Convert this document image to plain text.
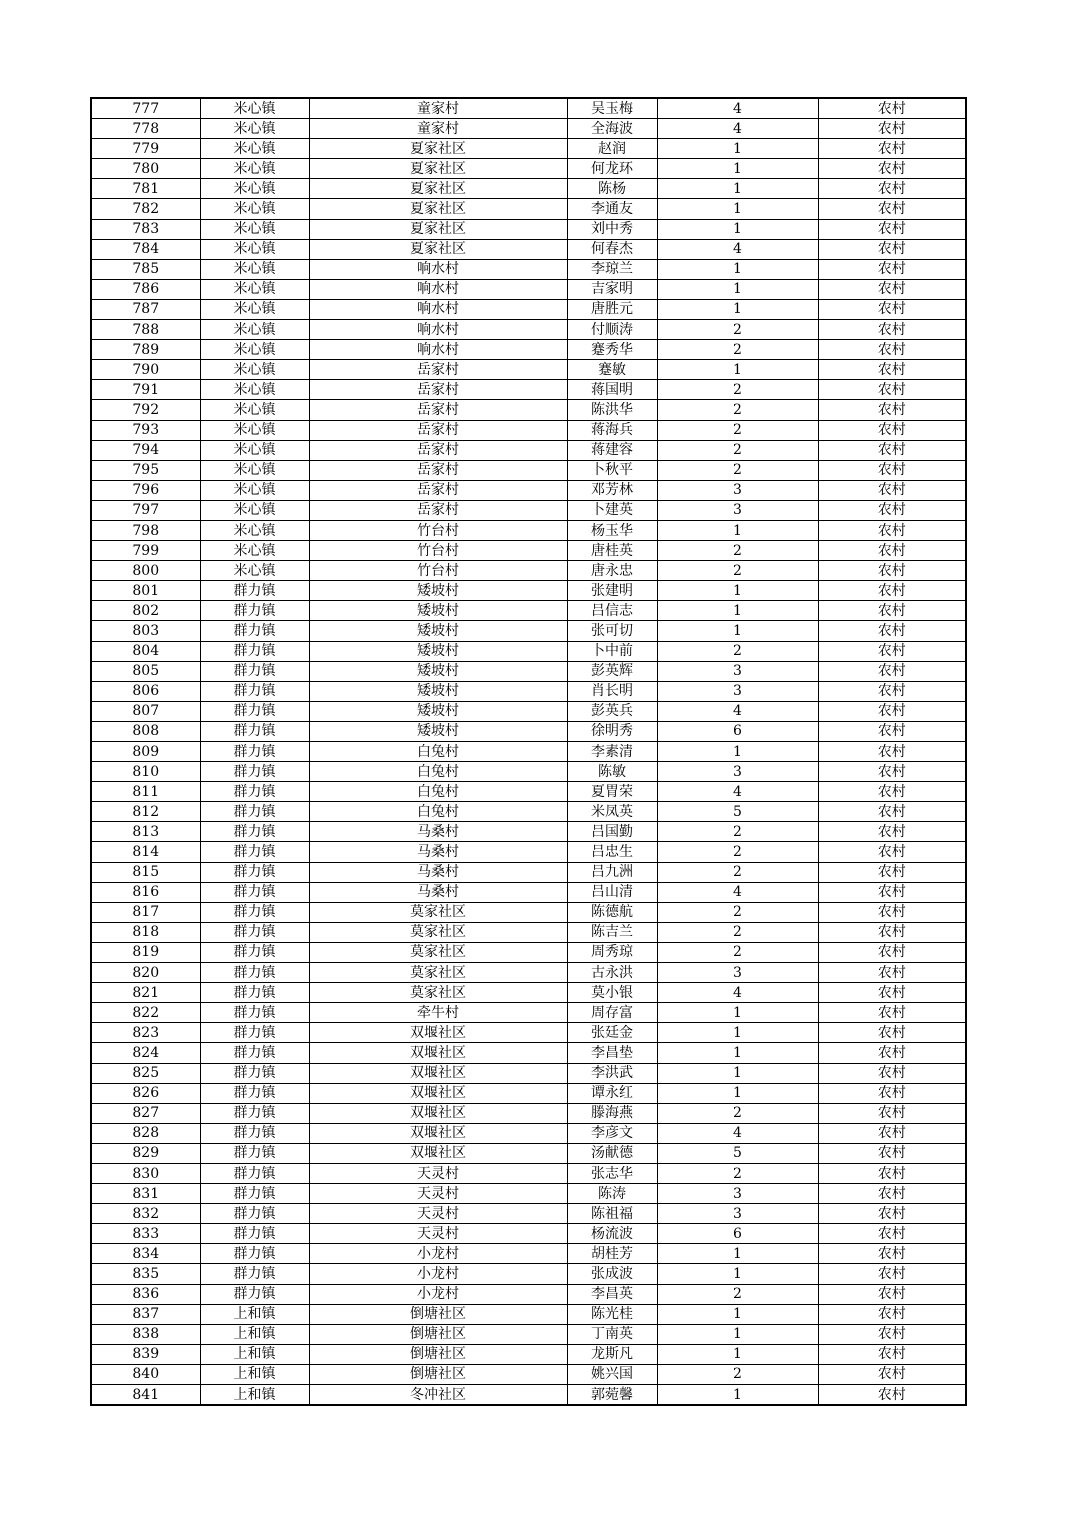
777	米心镇	童家村	吴玉梅	4	农村
778	米心镇	童家村	全海波	4	农村
779	米心镇	夏家社区	赵润	1	农村
780	米心镇	夏家社区	何龙环	1	农村
781	米心镇	夏家社区	陈杨	1	农村
782	米心镇	夏家社区	李通友	1	农村
783	米心镇	夏家社区	刘中秀	1	农村
784	米心镇	夏家社区	何春杰	4	农村
785	米心镇	响水村	李琼兰	1	农村
786	米心镇	响水村	吉家明	1	农村
787	米心镇	响水村	唐胜元	1	农村
788	米心镇	响水村	付顺涛	2	农村
789	米心镇	响水村	蹇秀华	2	农村
790	米心镇	岳家村	蹇敏	1	农村
791	米心镇	岳家村	蒋国明	2	农村
792	米心镇	岳家村	陈洪华	2	农村
793	米心镇	岳家村	蒋海兵	2	农村
794	米心镇	岳家村	蒋建容	2	农村
795	米心镇	岳家村	卜秋平	2	农村
796	米心镇	岳家村	邓芳林	3	农村
797	米心镇	岳家村	卜建英	3	农村
798	米心镇	竹台村	杨玉华	1	农村
799	米心镇	竹台村	唐桂英	2	农村
800	米心镇	竹台村	唐永忠	2	农村
801	群力镇	矮坡村	张建明	1	农村
802	群力镇	矮坡村	吕信志	1	农村
803	群力镇	矮坡村	张可切	1	农村
804	群力镇	矮坡村	卜中前	2	农村
805	群力镇	矮坡村	彭英辉	3	农村
806	群力镇	矮坡村	肖长明	3	农村
807	群力镇	矮坡村	彭英兵	4	农村
808	群力镇	矮坡村	徐明秀	6	农村
809	群力镇	白兔村	李素清	1	农村
810	群力镇	白兔村	陈敏	3	农村
811	群力镇	白兔村	夏胃荣	4	农村
812	群力镇	白兔村	米凤英	5	农村
813	群力镇	马桑村	吕国勤	2	农村
814	群力镇	马桑村	吕忠生	2	农村
815	群力镇	马桑村	吕九洲	2	农村
816	群力镇	马桑村	吕山清	4	农村
817	群力镇	莫家社区	陈德航	2	农村
818	群力镇	莫家社区	陈吉兰	2	农村
819	群力镇	莫家社区	周秀琼	2	农村
820	群力镇	莫家社区	古永洪	3	农村
821	群力镇	莫家社区	莫小银	4	农村
822	群力镇	牵牛村	周存富	1	农村
823	群力镇	双堰社区	张廷金	1	农村
824	群力镇	双堰社区	李昌垫	1	农村
825	群力镇	双堰社区	李洪武	1	农村
826	群力镇	双堰社区	谭永红	1	农村
827	群力镇	双堰社区	滕海燕	2	农村
828	群力镇	双堰社区	李彦文	4	农村
829	群力镇	双堰社区	汤献德	5	农村
830	群力镇	天灵村	张志华	2	农村
831	群力镇	天灵村	陈涛	3	农村
832	群力镇	天灵村	陈祖福	3	农村
833	群力镇	天灵村	杨流波	6	农村
834	群力镇	小龙村	胡桂芳	1	农村
835	群力镇	小龙村	张成波	1	农村
836	群力镇	小龙村	李昌英	2	农村
837	上和镇	倒塘社区	陈光桂	1	农村
838	上和镇	倒塘社区	丁南英	1	农村
839	上和镇	倒塘社区	龙斯凡	1	农村
840	上和镇	倒塘社区	姚兴国	2	农村
841	上和镇	冬冲社区	郭菀馨	1	农村
